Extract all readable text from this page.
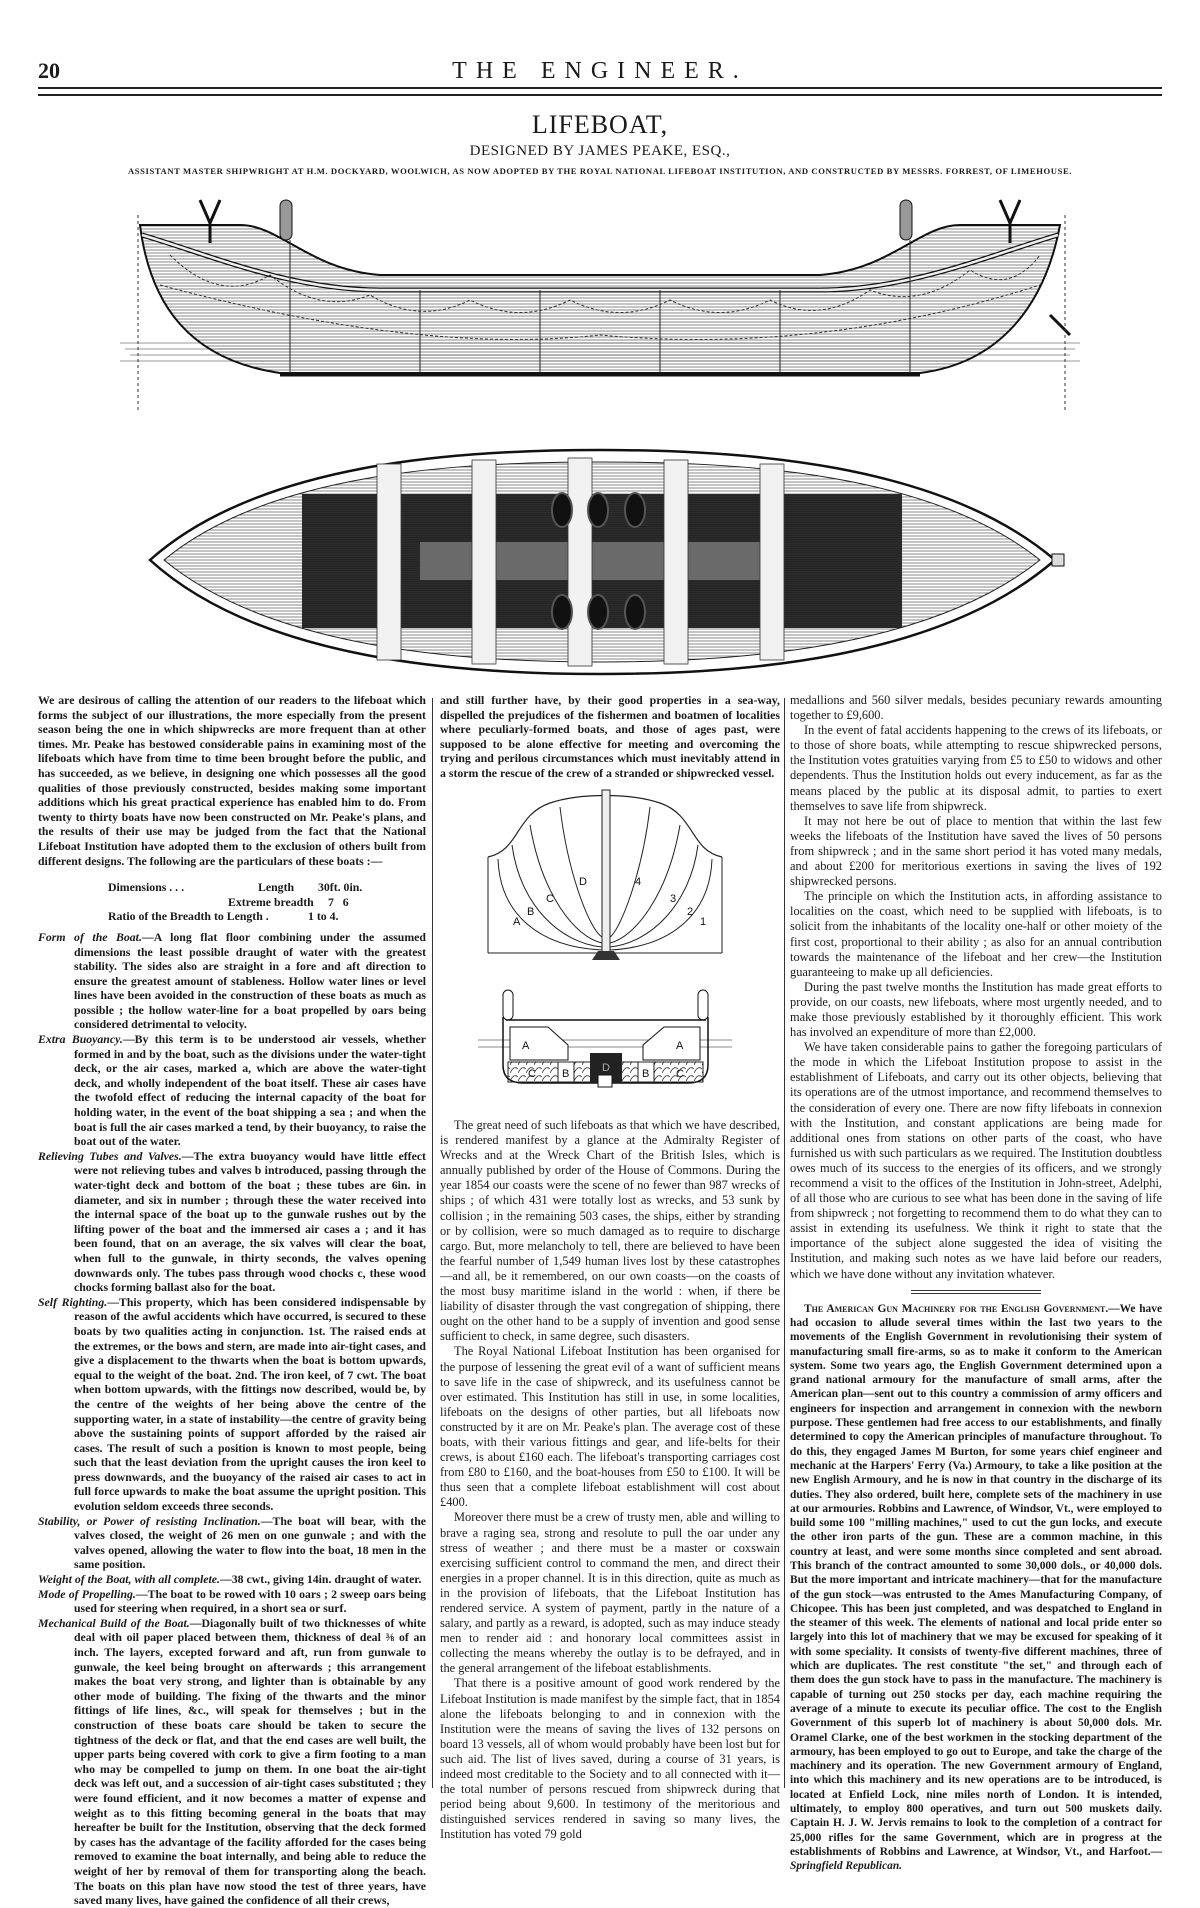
20	THE ENGINEER.
LIFEBOAT,
DESIGNED BY JAMES PEAKE, ESQ.,
ASSISTANT MASTER SHIPWRIGHT AT H.M. DOCKYARD, WOOLWICH, AS NOW ADOPTED BY THE ROYAL NATIONAL LIFEBOAT INSTITUTION, AND CONSTRUCTED BY MESSRS. FORREST, OF LIMEHOUSE.
A
B
C
D	4
3
2
1
A	A
C B	D	B C

We are desirous of calling the attention of our readers to the lifeboat which forms the subject of our illustrations, the more especially from the present season being the one in which shipwrecks are more frequent than at other times. Mr. Peake has bestowed considerable pains in examining most of the lifeboats which have from time to time been brought before the public, and has succeeded, as we believe, in designing one which possesses all the good qualities of those previously constructed, besides making some important additions which his great practical experience has enabled him to do. From twenty to thirty boats have now been constructed on Mr. Peake's plans, and the results of their use may be judged from the fact that the National Lifeboat Institution have adopted them to the exclusion of others built from different designs. The following are the particulars of these boats :—

Dimensions . . .	Length	30ft. 0in.
Extreme breadth	7   6
Ratio of the Breadth to Length .	1 to 4.

Form of the Boat.—A long flat floor combining under the assumed dimensions the least possible draught of water with the greatest stability. The sides also are straight in a fore and aft direction to ensure the greatest amount of stableness. Hollow water lines or level lines have been avoided in the construction of these boats as much as possible ; the hollow water-line for a boat propelled by oars being considered detrimental to velocity.

Extra Buoyancy.—By this term is to be understood air vessels, whether formed in and by the boat, such as the divisions under the water-tight deck, or the air cases, marked a, which are above the water-tight deck, and wholly independent of the boat itself. These air cases have the twofold effect of reducing the internal capacity of the boat for holding water, in the event of the boat shipping a sea ; and when the boat is full the air cases marked a tend, by their buoyancy, to raise the boat out of the water.

Relieving Tubes and Valves.—The extra buoyancy would have little effect were not relieving tubes and valves b introduced, passing through the water-tight deck and bottom of the boat ; these tubes are 6in. in diameter, and six in number ; through these the water received into the internal space of the boat up to the gunwale rushes out by the lifting power of the boat and the immersed air cases a ; and it has been found, that on an average, the six valves will clear the boat, when full to the gunwale, in thirty seconds, the valves opening downwards only. The tubes pass through wood chocks c, these wood chocks forming ballast also for the boat.

Self Righting.—This property, which has been considered indispensable by reason of the awful accidents which have occurred, is secured to these boats by two qualities acting in conjunction. 1st. The raised ends at the extremes, or the bows and stern, are made into air-tight cases, and give a displacement to the thwarts when the boat is bottom upwards, equal to the weight of the boat. 2nd. The iron keel, of 7 cwt. The boat when bottom upwards, with the fittings now described, would be, by the centre of the weights of her being above the centre of the supporting water, in a state of instability—the centre of gravity being above the sustaining points of support afforded by the raised air cases. The result of such a position is known to most people, being such that the least deviation from the upright causes the iron keel to press downwards, and the buoyancy of the raised air cases to act in full force upwards to make the boat assume the upright position. This evolution seldom exceeds three seconds.

Stability, or Power of resisting Inclination.—The boat will bear, with the valves closed, the weight of 26 men on one gunwale ; and with the valves opened, allowing the water to flow into the boat, 18 men in the same position.

Weight of the Boat, with all complete.—38 cwt., giving 14in. draught of water.

Mode of Propelling.—The boat to be rowed with 10 oars ; 2 sweep oars being used for steering when required, in a short sea or surf.

Mechanical Build of the Boat.—Diagonally built of two thicknesses of white deal with oil paper placed between them, thickness of deal ⅜ of an inch. The layers, excepted forward and aft, run from gunwale to gunwale, the keel being brought on afterwards ; this arrangement makes the boat very strong, and lighter than is obtainable by any other mode of building. The fixing of the thwarts and the minor fittings of life lines, &c., will speak for themselves ; but in the construction of these boats care should be taken to secure the tightness of the deck or flat, and that the end cases are well built, the upper parts being covered with cork to give a firm footing to a man who may be compelled to jump on them. In one boat the air-tight deck was left out, and a succession of air-tight cases substituted ; they were found efficient, and it now becomes a matter of expense and weight as to this fitting becoming general in the boats that may hereafter be built for the Institution, observing that the deck formed by cases has the advantage of the facility afforded for the cases being removed to examine the boat internally, and being able to reduce the weight of her by removal of them for transporting along the beach. The boats on this plan have now stood the test of three years, have saved many lives, have gained the confidence of all their crews,

and still further have, by their good properties in a sea-way, dispelled the prejudices of the fishermen and boatmen of localities where peculiarly-formed boats, and those of ages past, were supposed to be alone effective for meeting and overcoming the trying and perilous circumstances which must inevitably attend in a storm the rescue of the crew of a stranded or shipwrecked vessel.

The great need of such lifeboats as that which we have described, is rendered manifest by a glance at the Admiralty Register of Wrecks and at the Wreck Chart of the British Isles, which is annually published by order of the House of Commons. During the year 1854 our coasts were the scene of no fewer than 987 wrecks of ships ; of which 431 were totally lost as wrecks, and 53 sunk by collision ; in the remaining 503 cases, the ships, either by stranding or by collision, were so much damaged as to require to discharge cargo. But, more melancholy to tell, there are believed to have been the fearful number of 1,549 human lives lost by these catastrophes—and all, be it remembered, on our own coasts—on the coasts of the most busy maritime island in the world : when, if there be liability of disaster through the vast congregation of shipping, there ought on the other hand to be a supply of invention and good sense sufficient to check, in same degree, such disasters.

The Royal National Lifeboat Institution has been organised for the purpose of lessening the great evil of a want of sufficient means to save life in the case of shipwreck, and its usefulness cannot be over estimated. This Institution has still in use, in some localities, lifeboats on the designs of other parties, but all lifeboats now constructed by it are on Mr. Peake's plan. The average cost of these boats, with their various fittings and gear, and life-belts for their crews, is about £160 each. The lifeboat's transporting carriages cost from £80 to £160, and the boat-houses from £50 to £100. It will be thus seen that a complete lifeboat establishment will cost about £400.

Moreover there must be a crew of trusty men, able and willing to brave a raging sea, strong and resolute to pull the oar under any stress of weather ; and there must be a master or coxswain exercising sufficient control to command the men, and direct their energies in a proper channel. It is in this direction, quite as much as in the provision of lifeboats, that the Lifeboat Institution has rendered service. A system of payment, partly in the nature of a salary, and partly as a reward, is adopted, such as may induce steady men to render aid : and honorary local committees assist in collecting the means whereby the outlay is to be defrayed, and in the general arrangement of the lifeboat establishments.

That there is a positive amount of good work rendered by the Lifeboat Institution is made manifest by the simple fact, that in 1854 alone the lifeboats belonging to and in connexion with the Institution were the means of saving the lives of 132 persons on board 13 vessels, all of whom would probably have been lost but for such aid. The list of lives saved, during a course of 31 years, is indeed most creditable to the Society and to all connected with it—the total number of persons rescued from shipwreck during that period being about 9,600. In testimony of the meritorious and distinguished services rendered in saving so many lives, the Institution has voted 79 gold

medallions and 560 silver medals, besides pecuniary rewards amounting together to £9,600.

In the event of fatal accidents happening to the crews of its lifeboats, or to those of shore boats, while attempting to rescue shipwrecked persons, the Institution votes gratuities varying from £5 to £50 to widows and other dependents. Thus the Institution holds out every inducement, as far as the means placed by the public at its disposal admit, to parties to exert themselves to save life from shipwreck.

It may not here be out of place to mention that within the last few weeks the lifeboats of the Institution have saved the lives of 50 persons from shipwreck ; and in the same short period it has voted many medals, and about £200 for meritorious exertions in saving the lives of 192 shipwrecked persons.

The principle on which the Institution acts, in affording assistance to localities on the coast, which need to be supplied with lifeboats, is to solicit from the inhabitants of the locality one-half or other moiety of the first cost, proportional to their ability ; as also for an annual contribution towards the maintenance of the lifeboat and her crew—the Institution guaranteeing to make up all deficiencies.

During the past twelve months the Institution has made great efforts to provide, on our coasts, new lifeboats, where most urgently needed, and to make those previously established by it thoroughly efficient. This work has involved an expenditure of more than £2,000.

We have taken considerable pains to gather the foregoing particulars of the mode in which the Lifeboat Institution propose to assist in the establishment of Lifeboats, and carry out its other objects, believing that its operations are of the utmost importance, and recommend themselves to the consideration of every one. There are now fifty lifeboats in connexion with the Institution, and constant applications are being made for additional ones from stations on other parts of the coast, who have furnished us with such particulars as we required. The Institution doubtless owes much of its success to the energies of its officers, and we strongly recommend a visit to the offices of the Institution in John-street, Adelphi, of all those who are curious to see what has been done in the saving of life from shipwreck ; not forgetting to recommend them to do what they can to assist in extending its usefulness. We think it right to state that the importance of the subject alone suggested the idea of visiting the Institution, and making such notes as we have laid before our readers, which we have done without any invitation whatever.

The American Gun Machinery for the English Government.—We have had occasion to allude several times within the last two years to the movements of the English Government in revolutionising their system of manufacturing small fire-arms, so as to make it conform to the American system. Some two years ago, the English Government determined upon a grand national armoury for the manufacture of small arms, after the American plan—sent out to this country a commission of army officers and engineers for inspection and arrangement in connexion with the newborn purpose. These gentlemen had free access to our establishments, and finally determined to copy the American principles of manufacture throughout. To do this, they engaged James M Burton, for some years chief engineer and mechanic at the Harpers' Ferry (Va.) Armoury, to take a like position at the new English Armoury, and he is now in that country in the discharge of its duties. They also ordered, built here, complete sets of the machinery in use at our armouries. Robbins and Lawrence, of Windsor, Vt., were employed to build some 100 "milling machines," used to cut the gun locks, and execute the other iron parts of the gun. These are a common machine, in this country at least, and were some months since completed and sent abroad. This branch of the contract amounted to some 30,000 dols., or 40,000 dols. But the more important and intricate machinery—that for the manufacture of the gun stock—was entrusted to the Ames Manufacturing Company, of Chicopee. This has been just completed, and was despatched to England in the steamer of this week. The elements of national and local pride enter so largely into this lot of machinery that we may be excused for speaking of it with some speciality. It consists of twenty-five different machines, three of which are duplicates. The rest constitute "the set," and through each of them does the gun stock have to pass in the manufacture. The machinery is capable of turning out 250 stocks per day, each machine requiring the average of a minute to execute its peculiar office. The cost to the English Government of this superb lot of machinery is about 50,000 dols. Mr. Oramel Clarke, one of the best workmen in the stocking department of the armoury, has been employed to go out to Europe, and take the charge of the machinery and its operation. The new Government armoury of England, into which this machinery and its new operations are to be introduced, is located at Enfield Lock, nine miles north of London. It is intended, ultimately, to employ 800 operatives, and turn out 500 muskets daily. Captain H. J. W. Jervis remains to look to the completion of a contract for 25,000 rifles for the same Government, which are in progress at the establishments of Robbins and Lawrence, at Windsor, Vt., and Harfoot.—Springfield Republican.
